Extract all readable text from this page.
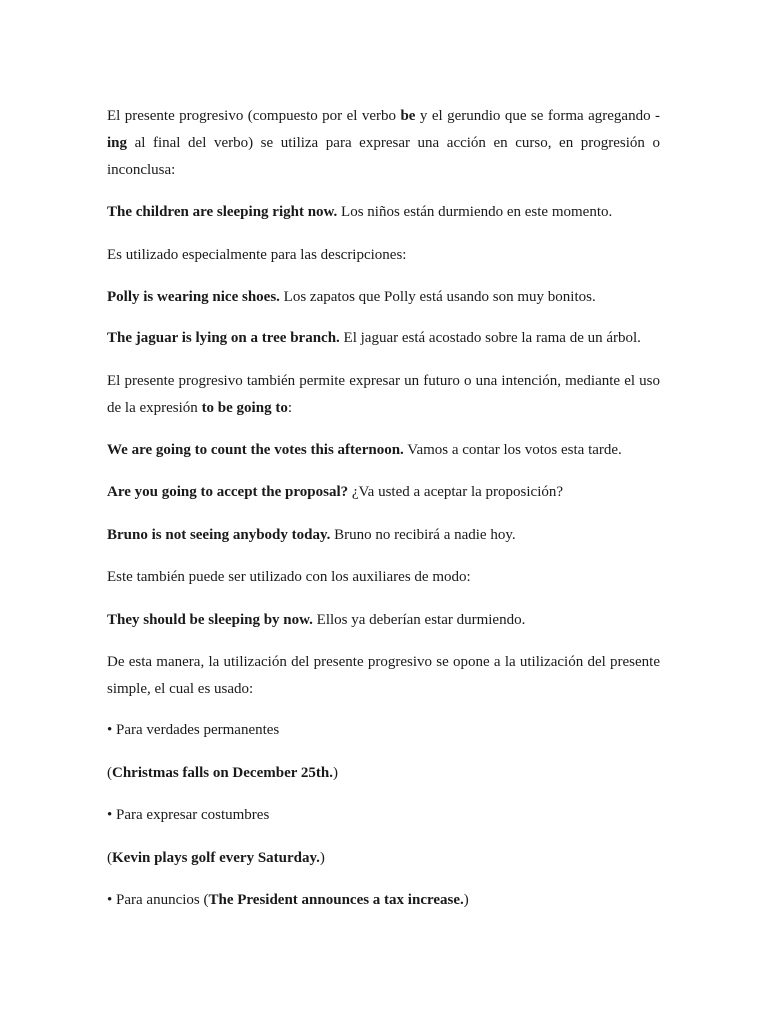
El presente progresivo (compuesto por el verbo be y el gerundio que se forma agregando -
ing al final del verbo) se utiliza para expresar una acción en curso, en progresión o
inconclusa:

The children are sleeping right now. Los niños están durmiendo en este momento.

Es utilizado especialmente para las descripciones:

Polly is wearing nice shoes. Los zapatos que Polly está usando son muy bonitos.

The jaguar is lying on a tree branch. El jaguar está acostado sobre la rama de un árbol.

El presente progresivo también permite expresar un futuro o una intención, mediante el uso
de la expresión to be going to:

We are going to count the votes this afternoon. Vamos a contar los votos esta tarde.

Are you going to accept the proposal? ¿Va usted a aceptar la proposición?

Bruno is not seeing anybody today. Bruno no recibirá a nadie hoy.

Este también puede ser utilizado con los auxiliares de modo:

They should be sleeping by now. Ellos ya deberían estar durmiendo.

De esta manera, la utilización del presente progresivo se opone a la utilización del presente
simple, el cual es usado:

• Para verdades permanentes

(Christmas falls on December 25th.)

• Para expresar costumbres

(Kevin plays golf every Saturday.)

• Para anuncios (The President announces a tax increase.)
